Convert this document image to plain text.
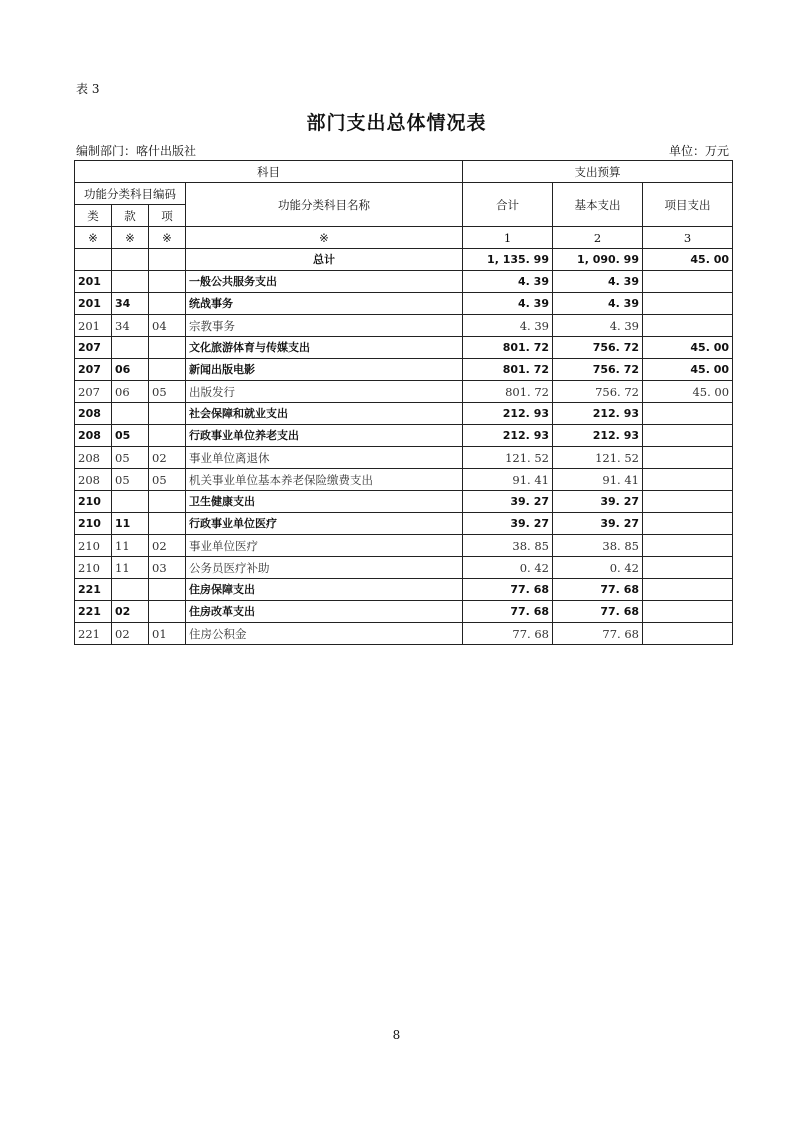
表 3
部门支出总体情况表
编制部门：喀什出版社	单位：万元
科目				支出预算		
功能分类科目编码			功能分类科目名称	合计	基本支出	项目支出
类	款	项				
※	※	※	※	1	2	3
			总计	1, 135. 99	1, 090. 99	45. 00
201			一般公共服务支出	4. 39	4. 39	
201	34		统战事务	4. 39	4. 39	
201	34	04	宗教事务	4. 39	4. 39	
207			文化旅游体育与传媒支出	801. 72	756. 72	45. 00
207	06		新闻出版电影	801. 72	756. 72	45. 00
207	06	05	出版发行	801. 72	756. 72	45. 00
208			社会保障和就业支出	212. 93	212. 93	
208	05		行政事业单位养老支出	212. 93	212. 93	
208	05	02	事业单位离退休	121. 52	121. 52	
208	05	05	机关事业单位基本养老保险缴费支出	91. 41	91. 41	
210			卫生健康支出	39. 27	39. 27	
210	11		行政事业单位医疗	39. 27	39. 27	
210	11	02	事业单位医疗	38. 85	38. 85	
210	11	03	公务员医疗补助	0. 42	0. 42	
221			住房保障支出	77. 68	77. 68	
221	02		住房改革支出	77. 68	77. 68	
221	02	01	住房公积金	77. 68	77. 68	
8
